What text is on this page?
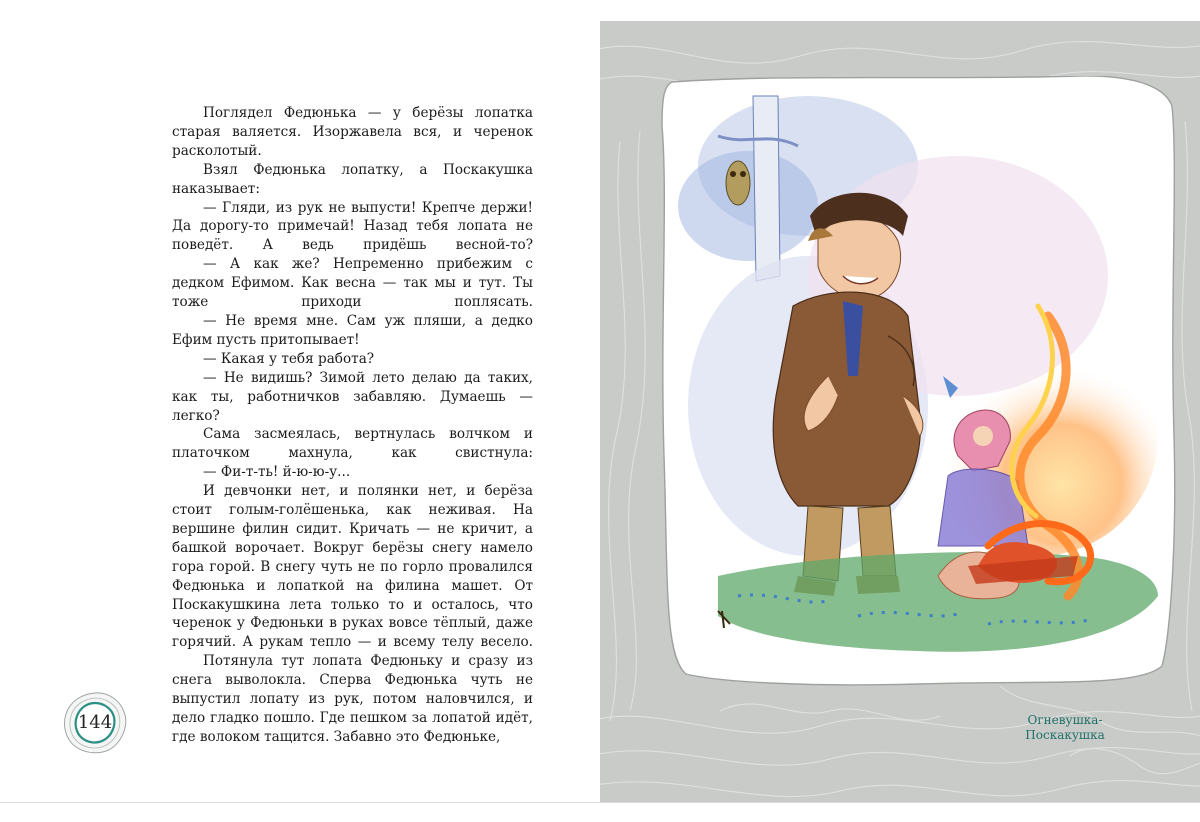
Поглядел Федюнька — у берёзы лопатка старая валяется. Изоржавела вся, и черенок расколотый.

Взял Федюнька лопатку, а Поскакушка наказывает:

— Гляди, из рук не выпусти! Крепче держи! Да дорогу-то примечай! Назад тебя лопата не поведёт. А ведь придёшь весной-то?

— А как же? Непременно прибежим с дедком Ефимом. Как весна — так мы и тут. Ты тоже приходи поплясать.

— Не время мне. Сам уж пляши, а дедко Ефим пусть притопывает!

— Какая у тебя работа?

— Не видишь? Зимой лето делаю да таких, как ты, работничков забавляю. Думаешь — легко?

Сама засмеялась, вертнулась волчком и платочком махнула, как свистнула:

— Фи-т-ть! й-ю-ю-у...

И девчонки нет, и полянки нет, и берёза стоит голым-голёшенька, как неживая. На вершине филин сидит. Кричать — не кричит, а башкой ворочает. Вокруг берёзы снегу намело гора горой. В снегу чуть не по горло провалился Федюнька и лопаткой на филина машет. От Поскакушкина лета только то и осталось, что черенок у Федюньки в руках вовсе тёплый, даже горячий. А рукам тепло — и всему телу весело.

Потянула тут лопата Федюньку и сразу из снега выволокла. Сперва Федюнька чуть не выпустил лопату из рук, потом наловчился, и дело гладко пошло. Где пешком за лопатой идёт, где волоком тащится. Забавно это Федюньке,

144	Огневушка-
Поскакушка
